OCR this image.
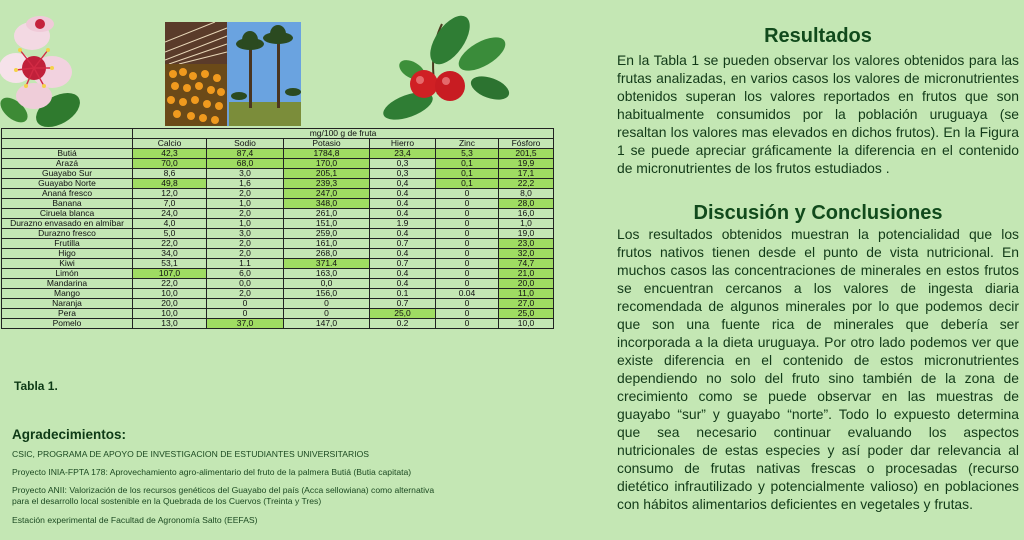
	mg/100 g de fruta					
	Calcio	Sodio	Potasio	Hierro	Zinc	Fósforo
Butiá	42,3	87,4	1784,8	23,4	5,3	201,5
Arazá	70,0	68,0	170,0	0,3	0,1	19,9
Guayabo Sur	8,6	3,0	205,1	0,3	0,1	17,1
Guayabo Norte	49,8	1,6	239,3	0,4	0,1	22,2
Ananá fresco	12,0	2,0	247,0	0.4	0	8,0
Banana	7,0	1,0	348,0	0.4	0	28,0
Ciruela blanca	24,0	2,0	261,0	0.4	0	16,0
Durazno envasado en almíbar	4,0	1,0	151,0	1.9	0	1,0
Durazno fresco	5,0	3,0	259,0	0.4	0	19,0
Frutilla	22,0	2,0	161,0	0.7	0	23,0
Higo	34,0	2,0	268,0	0.4	0	32,0
Kiwi	53,1	1.1	371.4	0.7	0	74,7
Limón	107,0	6,0	163,0	0.4	0	21,0
Mandarina	22,0	0,0	0,0	0.4	0	20,0
Mango	10,0	2,0	156,0	0.1	0.04	11,0
Naranja	20,0	0	0	0.7	0	27,0
Pera	10,0	0	0	25,0	0	25,0
Pomelo	13,0	37,0	147,0	0.2	0	10,0
Tabla 1.
Agradecimientos:
CSIC, PROGRAMA DE APOYO DE INVESTIGACION DE ESTUDIANTES UNIVERSITARIOS
Proyecto INIA-FPTA 178: Aprovechamiento agro-alimentario del fruto de la palmera Butiá (Butia capitata)
Proyecto ANII: Valorización de los recursos genéticos del Guayabo del país (Acca sellowiana) como alternativa para el desarrollo local sostenible en la Quebrada de los Cuervos (Treinta y Tres)
Estación experimental de Facultad de Agronomía Salto (EEFAS)
Resultados
En la Tabla 1 se pueden observar los valores obtenidos para las frutas analizadas, en varios casos los valores de micronutrientes obtenidos superan los valores reportados en frutos que son habitualmente consumidos por la población uruguaya (se resaltan los valores mas elevados en dichos frutos). En la Figura 1 se puede apreciar gráficamente la diferencia en el contenido de micronutrientes de los frutos estudiados .
Discusión y Conclusiones
Los resultados obtenidos muestran la potencialidad que los frutos nativos tienen desde el punto de vista nutricional. En muchos casos las concentraciones de minerales en estos frutos se encuentran cercanos a los valores de ingesta diaria recomendada de algunos minerales por lo que podemos decir que son una fuente rica de minerales que debería ser incorporada a la dieta uruguaya. Por otro lado podemos ver que existe diferencia en el contenido de estos micronutrientes dependiendo no solo del fruto sino también de la zona de crecimiento como se puede observar en las muestras de guayabo “sur” y guayabo “norte”. Todo lo expuesto determina que sea necesario continuar evaluando los aspectos nutricionales de estas especies y así poder dar relevancia al consumo de frutas nativas frescas o procesadas (recurso dietético infrautilizado y potencialmente valioso) en poblaciones con hábitos alimentarios deficientes en vegetales y frutas.
